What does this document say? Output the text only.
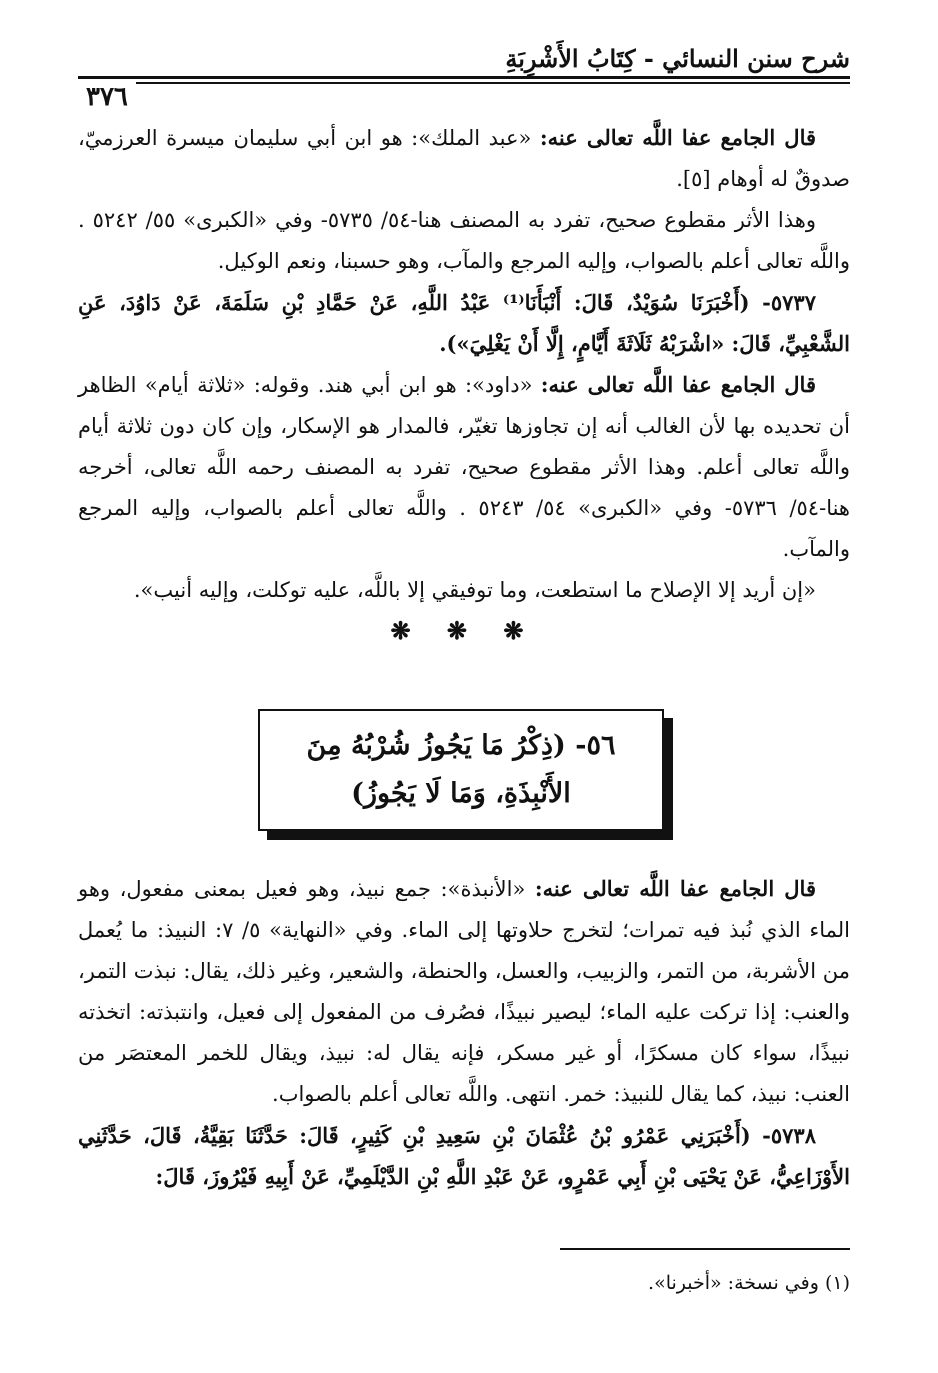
شرح سنن النسائي - كِتَابُ الأَشْرِبَةِ
٣٧٦

قال الجامع عفا اللَّه تعالى عنه: «عبد الملك»: هو ابن أبي سليمان ميسرة العرزميّ، صدوقٌ له أوهام [٥].

وهذا الأثر مقطوع صحيح، تفرد به المصنف هنا-٥٤/ ٥٧٣٥- وفي «الكبرى» ٥٥/ ٥٢٤٢ . واللَّه تعالى أعلم بالصواب، وإليه المرجع والمآب، وهو حسبنا، ونعم الوكيل.

٥٧٣٧- (أَخْبَرَنَا سُوَيْدٌ، قَالَ: أَنْبَأَنَا⁽¹⁾ عَبْدُ اللَّهِ، عَنْ حَمَّادِ بْنِ سَلَمَةَ، عَنْ دَاوُدَ، عَنِ الشَّعْبِيِّ، قَالَ: «اشْرَبْهُ ثَلَاثَةَ أَيَّامٍ، إِلَّا أَنْ يَغْلِيَ»).

قال الجامع عفا اللَّه تعالى عنه: «داود»: هو ابن أبي هند. وقوله: «ثلاثة أيام» الظاهر أن تحديده بها لأن الغالب أنه إن تجاوزها تغيّر، فالمدار هو الإسكار، وإن كان دون ثلاثة أيام واللَّه تعالى أعلم. وهذا الأثر مقطوع صحيح، تفرد به المصنف رحمه اللَّه تعالى، أخرجه هنا-٥٤/ ٥٧٣٦- وفي «الكبرى» ٥٤/ ٥٢٤٣ . واللَّه تعالى أعلم بالصواب، وإليه المرجع والمآب.

«إن أريد إلا الإصلاح ما استطعت، وما توفيقي إلا باللَّه، عليه توكلت، وإليه أنيب».

❋ ❋ ❋

٥٦- (ذِكْرُ مَا يَجُوزُ شُرْبُهُ مِنَ
الأَنْبِذَةِ، وَمَا لَا يَجُوزُ)

قال الجامع عفا اللَّه تعالى عنه: «الأنبذة»: جمع نبيذ، وهو فعيل بمعنى مفعول، وهو الماء الذي نُبذ فيه تمرات؛ لتخرج حلاوتها إلى الماء. وفي «النهاية» ٥/ ٧: النبيذ: ما يُعمل من الأشربة، من التمر، والزبيب، والعسل، والحنطة، والشعير، وغير ذلك، يقال: نبذت التمر، والعنب: إذا تركت عليه الماء؛ ليصير نبيذًا، فصُرف من المفعول إلى فعيل، وانتبذته: اتخذته نبيذًا، سواء كان مسكرًا، أو غير مسكر، فإنه يقال له: نبيذ، ويقال للخمر المعتصَر من العنب: نبيذ، كما يقال للنبيذ: خمر. انتهى. واللَّه تعالى أعلم بالصواب.

٥٧٣٨- (أَخْبَرَنِي عَمْرُو بْنُ عُثْمَانَ بْنِ سَعِيدِ بْنِ كَثِيرٍ، قَالَ: حَدَّثَنَا بَقِيَّةُ، قَالَ، حَدَّثَنِي الأَوْزَاعِيُّ، عَنْ يَحْيَى بْنِ أَبِي عَمْرٍو، عَنْ عَبْدِ اللَّهِ بْنِ الدَّيْلَمِيِّ، عَنْ أَبِيهِ فَيْرُوزَ، قَالَ:

(١) وفي نسخة: «أخبرنا».
